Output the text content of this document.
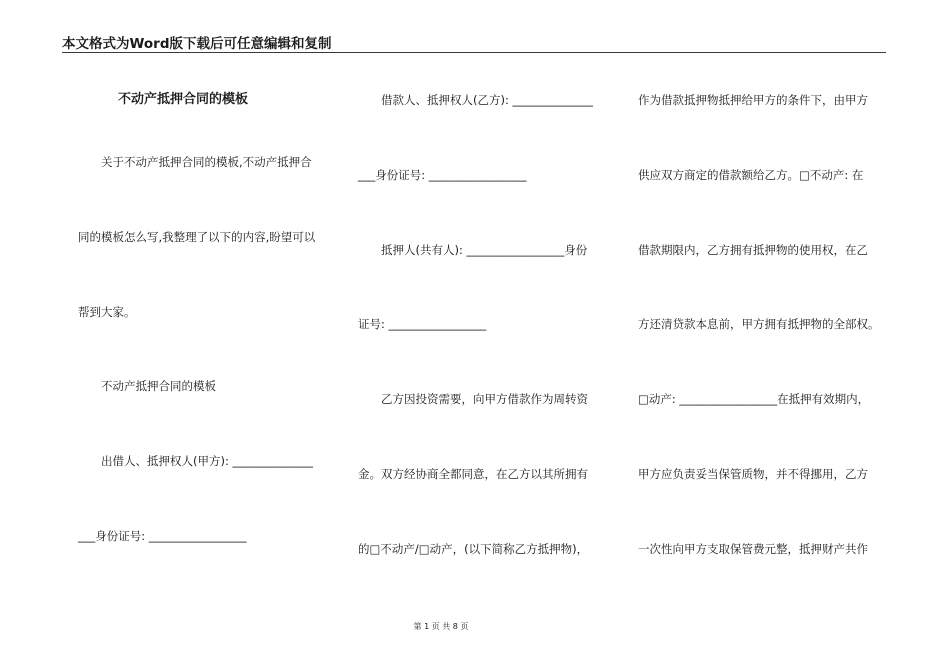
本文格式为Word版下载后可任意编辑和复制
不动产抵押合同的模板
关于不动产抵押合同的模板,不动产抵押合
同的模板怎么写,我整理了以下的内容,盼望可以
帮到大家。
不动产抵押合同的模板
出借人、抵押权人(甲方): ______________
___身份证号: _________________
借款人、抵押权人(乙方): ______________
___身份证号: _________________
抵押人(共有人): _________________身份
证号: _________________
乙方因投资需要，向甲方借款作为周转资
金。双方经协商全都同意，在乙方以其所拥有
的□不动产/□动产，(以下简称乙方抵押物)，
作为借款抵押物抵押给甲方的条件下，由甲方
供应双方商定的借款额给乙方。□不动产: 在
借款期限内，乙方拥有抵押物的使用权，在乙
方还清贷款本息前，甲方拥有抵押物的全部权。
□动产: _________________在抵押有效期内，
甲方应负责妥当保管质物，并不得挪用，乙方
一次性向甲方支取保管费元整，抵押财产共作
第 1 页 共 8 页
